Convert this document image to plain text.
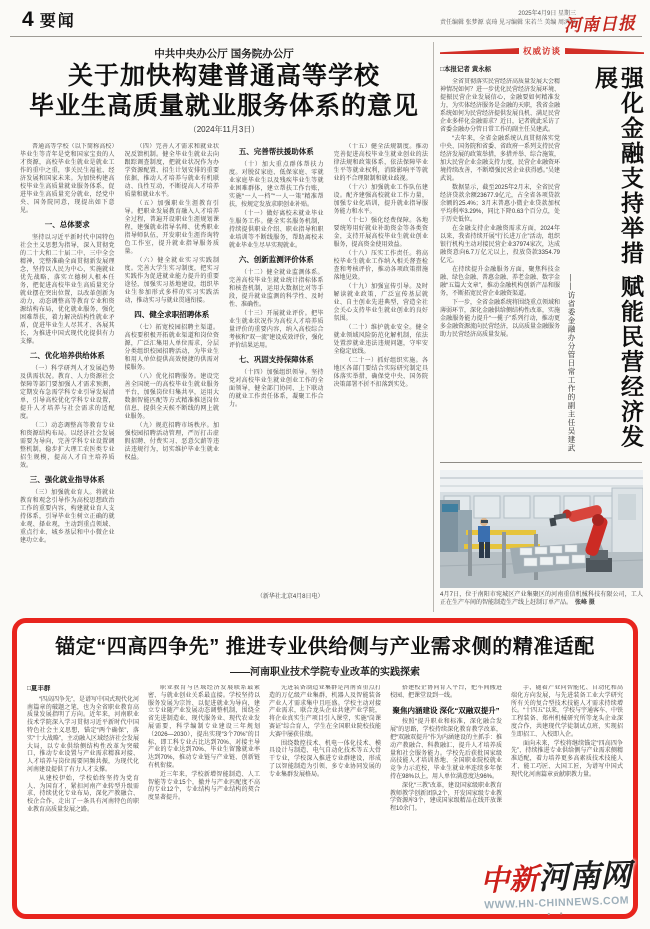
4 要闻	2025年4月9日 星期三
责任编辑 张梦源 袁琦 见习编辑 宋若兰 美编 周鸿斌
河南日报
中共中央办公厅 国务院办公厅
关于加快构建普通高等学校
毕业生高质量就业服务体系的意见
（2024年11月3日）
普通高等学校（以下简称高校）毕业生等青年是党和国家宝贵的人才资源，高校毕业生就业是就业工作的重中之重，事关民生福祉、经济发展和国家未来。为加快构建高校毕业生高质量就业服务体系，促进毕业生高质量充分就业，经党中央、国务院同意，现提出如下意见。
一、总体要求
坚持以习近平新时代中国特色社会主义思想为指导，深入贯彻党的二十大和二十届二中、三中全会精神，完整准确全面贯彻新发展理念，坚持以人民为中心，实施就业优先战略，落实立德树人根本任务，把促进高校毕业生高质量充分就业摆在突出位置，以改革创新为动力，动态调整高等教育专业和资源结构布局，优化就业服务，强化困难帮扶，着力解决结构性就业矛盾，促进毕业生人尽其才、各展其长，为推进中国式现代化提供有力支撑。
二、优化培养供给体系
（一）科学研判人才发展趋势及供需状况。教育、人力资源社会保障等部门要加强人才需求预测，定期发布急需学科专业引导发展清单，引导高校优化学科专业设置，提升人才培养与社会需求的适配度。
（二）动态调整高等教育专业和资源结构布局。以经济社会发展需要为导向，完善学科专业设置调整机制，稳步扩大理工农医类专业招生规模，提高人才自主培养质效。
三、强化就业指导体系
（三）加强就业育人。将就业教育和观念引导作为高校思想政治工作的重要内容，构建就业育人支持体系，引导毕业生树立正确的就业观、择业观，主动到重点领域、重点行业、城乡基层和中小微企业建功立业。
（四）完善人才需求和就业状况反馈机制。健全毕业生就业去向跟踪调查制度，把就业状况作为办学资源配置、招生计划安排的重要依据，推动人才培养与就业有机联动、良性互动，不断提高人才培养质量和就业水平。
（五）加强职业生涯教育引导。把职业发展教育融入人才培养全过程，普遍开设职业生涯规划课程，建强就业指导名师、优秀职业指导师队伍，开发职业生涯咨询特色工作室，提升就业指导服务质量。
（六）健全就业实习实践制度。完善大学生实习制度，把实习实践作为促进就业能力提升的重要途径，加强实习基地建设，组织毕业生参加形式多样的实习实践活动，推动实习与就业贯通衔接。
四、健全求职招聘体系
（七）拓宽校园招聘主渠道。高校要积极开拓就业渠道和岗位资源，广泛汇集用人单位需求，分层分类组织校园招聘活动，为毕业生和用人单位提供高效便捷的供需对接服务。
（八）优化招聘服务。建设完善全国统一的高校毕业生就业服务平台，加强岗位归集共享，运用大数据智能匹配等方式精准推送岗位信息，提供全天候不断线的网上就业服务。
（九）规范招聘市场秩序。加强校园招聘活动管理，严厉打击虚假招聘、付费实习、恶意欠薪等违法违规行为，切实维护毕业生就业权益。
五、完善帮扶援助体系
（十）加大重点群体帮扶力度。对脱贫家庭、低保家庭、零就业家庭毕业生以及残疾毕业生等就业困难群体，建立帮扶工作台账，实施“一人一档”“一人一策”精准帮扶，按规定发放求职创业补贴。
（十一）做好离校未就业毕业生服务工作。健全实名服务机制，持续提供职业介绍、职业指导和职业培训等不断线服务，帮助离校未就业毕业生尽早实现就业。
六、创新监测评价体系
（十二）健全就业监测体系。完善高校毕业生就业统计指标体系和核查机制，运用大数据比对等手段，提升就业监测的科学性、及时性、准确性。
（十三）开展就业评价。把毕业生就业状况作为高校人才培养质量评价的重要内容，纳入高校综合考核和“双一流”建设成效评价，强化评价结果运用。
七、巩固支持保障体系
（十四）加强组织领导。坚持党对高校毕业生就业创业工作的全面领导，健全部门协同、上下联动的就业工作责任体系，凝聚工作合力。
（新华社北京4月8日电）
（十五）健全法规制度。推动完善促进高校毕业生就业创业的法律法规和政策体系，依法保障毕业生平等就业权利，消除影响平等就业的不合理限制和就业歧视。
（十六）加强就业工作队伍建设。配齐建强高校就业工作力量，加强专业化培训，提升就业指导服务能力和水平。
（十七）强化经费保障。各地要统筹用好就业补助资金等各类资金，支持开展高校毕业生就业创业服务，提高资金使用效益。
（十八）压实工作责任。将高校毕业生就业工作纳入相关督查检查和考核评价，推动各项政策措施落地见效。
（十九）加强宣传引导。及时解读就业政策，广泛宣传基层就业、自主创业先进典型，营造全社会关心支持毕业生就业创业的良好氛围。
（二十）维护就业安全。健全就业领域风险防范化解机制，依法处置涉就业违法违规问题，守牢安全稳定底线。
（二十一）抓好组织实施。各地区各部门要结合实际研究制定具体落实举措，确保党中央、国务院决策部署不折不扣落到实处。
权威访谈
□本报记者 黄永标
全省贯彻落实民营经济高质量发展大会精神情况如何？进一步优化民营经济发展环境、提振民营企业发展信心，金融要如何精准发力，为实体经济服务是金融的天职，我省金融系统如何为民营经济提供发展良机、满足民营企业多样化金融需求？近日，记者就此采访了省委金融办分管日常工作的副主任吴建武。
“去年来，全省金融系统认真贯彻落实党中央、国务院和省委、省政府一系列支持民营经济发展的政策举措，多措并举、综合施策，加大民营企业金融支持力度，民营企业融资环境持续改善，不断增强民营企业获得感。”吴建武说。
数据显示，截至2025年2月末，全省民营经济贷款余额23677.9亿元，占全省各项贷款余额的25.4%；3月末普惠小微企业贷款加权平均利率3.29%，同比下降0.63个百分点，处于历史低位。
在金融支持企业融资需求方面，2024年以来，我省持续开展“行长进万企”活动，组织银行机构主动对接民营企业37974家次，达成融资意向6.7万亿元以上，投放贷款3354.79亿元。
在持续提升金融服务方面，聚焦科技金融、绿色金融、普惠金融、养老金融、数字金融“五篇大文章”，推动金融机构创新产品和服务，不断拓宽民营企业融资渠道。
下一步，全省金融系统将围绕重点领域和薄弱环节，深化金融供给侧结构性改革，实施金融服务能力提升“一揽子”系列行动，推动更多金融资源流向民营经济，以高质量金融服务助力民营经济高质量发展。	——访省委金融办分管日常工作的副主任吴建武	强化金融支持举措 赋能民营经济发展
4月7日，位于南阳市宛城区产业集聚区的河南重信机械科技有限公司，工人正在生产车间的智能制造生产线上赶制订单产品。　 张峰 摄
锚定“四高四争先” 推进专业供给侧与产业需求侧的精准适配
——河南职业技术学院专业改革的实践探索
□夏丰群
“四高四争先”，是谱写中国式现代化河南篇章的破题之笔，也为全省职业教育高质量发展指明了方向。近年来，河南职业技术学院深入学习贯彻习近平新时代中国特色社会主义思想，锚定“两个确保”，落实“十大战略”，主动融入区域经济社会发展大局，以专业供给侧结构性改革为突破口，推动专业设置与产业需求精准对接、人才培养与岗位需要同频共振，为现代化河南建设提供了有力人才支撑。
从建校伊始，学校始终坚持为党育人、为国育才，紧扣河南产业转型升级需求，持续优化专业布局，深化产教融合、校企合作，走出了一条具有河南特色的职业教育高质量发展之路。
职业教育与区域经济发展联系最紧密、与就业创业关系最直接。学校坚持以服务发展为宗旨、以促进就业为导向，建立专业随产业发展动态调整机制，围绕全省先进制造业、现代服务业、现代农业发展需要，科学编制专业建设三年规划（2026—2030），提出实现“3个70%”的目标，即工科专业占比达到70%、对接主导产业的专业达到70%、毕业生留豫就业率达到70%，推动专业链与产业链、创新链有机衔接。
近三年来，学校新增智能制造、人工智能等专业15个，撤并与产业匹配度不高的专业12个，专业结构与产业结构的契合度显著提升。
先进装备制造业集群是河南省重点打造的万亿级产业集群，机器人及智能装备产业人才需求集中且旺盛。学校主动对接产业需求，联合龙头企业共建产业学院，将企业真实生产项目引入课堂，实施“岗课赛证”综合育人，学生在全国职业院校技能大赛中屡获佳绩。
围绕数控技术、机电一体化技术、模具设计与制造、电气自动化技术等五大骨干专业，学校深入推进专业群建设，形成了以智能制造为引领、多专业协同发展的专业集群发展格局。
搭建校企协同育人平台，把车间搬进校园、把课堂设到一线。
聚焦内涵建设 深化“双融双提升”
按照“提升职业和标准，深化融合发展”的思路，学校持续深化教育教学改革，把“双融双提升”作为内涵建设的主抓手：推动产教融合、科教融汇，提升人才培养质量和社会服务能力。学校先后获批国家级高技能人才培训基地、全国职业院校就业竞争力示范校，毕业生就业率连续多年保持在98%以上，用人单位满意度达96%。
深化“三教”改革，建设国家级职业教育教师教学创新团队2个，开发国家级专业教学资源库3个，建成国家级精品在线开放课程10余门。
手，随着产业向智能化、自动化和高端化方向发展，与先进装备工业大学研究所有关的复合型技术技能人才需求持续增长。“十四五”以来，学校与宇通客车、中铁工程装备、郑州机械研究所等龙头企业深度合作，共建现代学徒制试点班，实现招生即招工、入校即入企。
面向未来，学校将继续锚定“四高四争先”，持续推进专业供给侧与产业需求侧精准适配，着力培养更多高素质技术技能人才、能工巧匠、大国工匠，为谱写中国式现代化河南篇章贡献职教力量。
中新河南网
WWW.HN-CHINNEWS.COM
● ●
